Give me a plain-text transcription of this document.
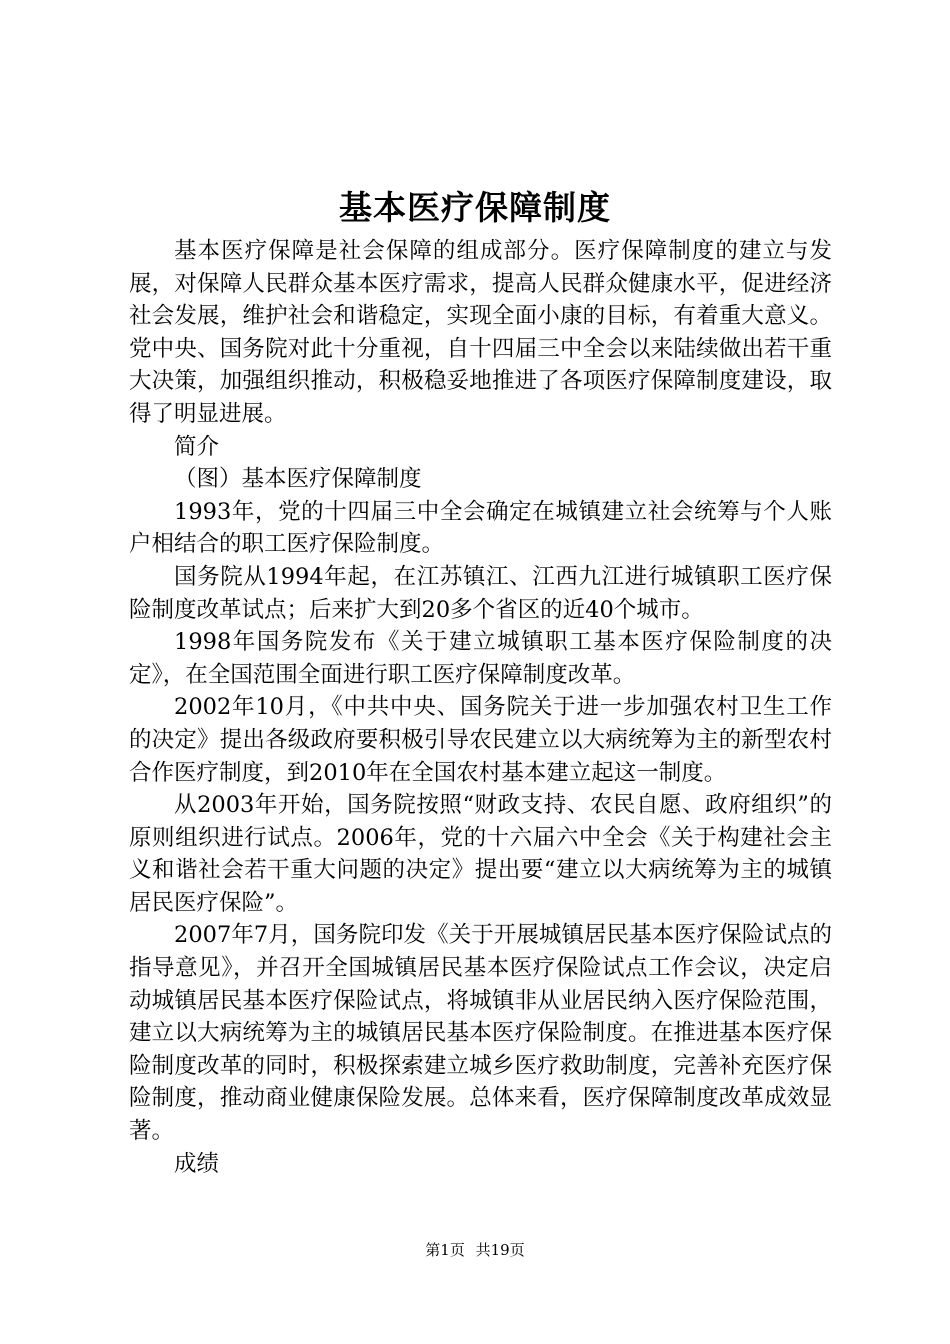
基本医疗保障制度

基本医疗保障是社会保障的组成部分。医疗保障制度的建立与发展，对保障人民群众基本医疗需求，提高人民群众健康水平，促进经济社会发展，维护社会和谐稳定，实现全面小康的目标，有着重大意义。党中央、国务院对此十分重视，自十四届三中全会以来陆续做出若干重大决策，加强组织推动，积极稳妥地推进了各项医疗保障制度建设，取得了明显进展。

简介

（图）基本医疗保障制度

1993年，党的十四届三中全会确定在城镇建立社会统筹与个人账户相结合的职工医疗保险制度。

国务院从1994年起，在江苏镇江、江西九江进行城镇职工医疗保险制度改革试点；后来扩大到20多个省区的近40个城市。

1998年国务院发布《关于建立城镇职工基本医疗保险制度的决定》，在全国范围全面进行职工医疗保障制度改革。

2002年10月，《中共中央、国务院关于进一步加强农村卫生工作的决定》提出各级政府要积极引导农民建立以大病统筹为主的新型农村合作医疗制度，到2010年在全国农村基本建立起这一制度。

从2003年开始，国务院按照“财政支持、农民自愿、政府组织”的原则组织进行试点。2006年，党的十六届六中全会《关于构建社会主义和谐社会若干重大问题的决定》提出要“建立以大病统筹为主的城镇居民医疗保险”。

2007年7月，国务院印发《关于开展城镇居民基本医疗保险试点的指导意见》，并召开全国城镇居民基本医疗保险试点工作会议，决定启动城镇居民基本医疗保险试点，将城镇非从业居民纳入医疗保险范围，建立以大病统筹为主的城镇居民基本医疗保险制度。在推进基本医疗保险制度改革的同时，积极探索建立城乡医疗救助制度，完善补充医疗保险制度，推动商业健康保险发展。总体来看，医疗保障制度改革成效显著。

成绩

第1页 共19页
